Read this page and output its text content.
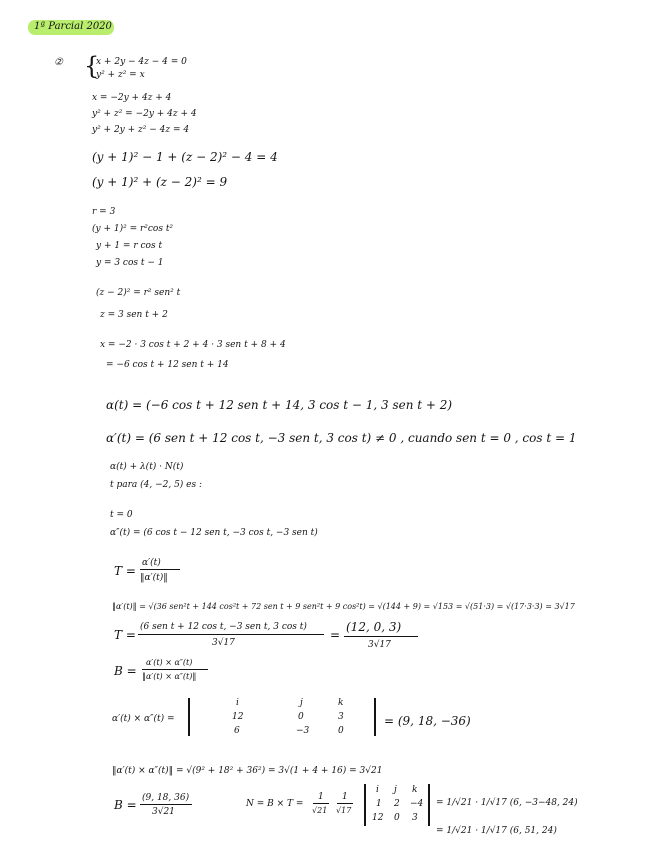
1ª Parcial 2020
② {
x + 2y − 4z − 4 = 0
y² + z² = x
x = −2y + 4z + 4
y² + z² = −2y + 4z + 4
y² + 2y + z² − 4z = 4
(y + 1)² − 1 + (z − 2)² − 4 = 4
(y + 1)² + (z − 2)² = 9
r = 3
(y + 1)² = r²cos t²
y + 1 = r cos t
y = 3 cos t − 1
(z − 2)² = r² sen² t
z = 3 sen t + 2
x = −2 · 3 cos t + 2 + 4 · 3 sen t + 8 + 4
= −6 cos t + 12 sen t + 14
α(t) = (−6 cos t + 12 sen t + 14, 3 cos t − 1, 3 sen t + 2)
α′(t) = (6 sen t + 12 cos t, −3 sen t, 3 cos t) ≠ 0 , cuando sen t = 0 , cos t = 1
α(t) + λ(t) · N(t)
t para (4, −2, 5) es :
t = 0
α″(t) = (6 cos t − 12 sen t, −3 cos t, −3 sen t)
T =
α′(t)
‖α′(t)‖
‖α′(t)‖ = √(36 sen²t + 144 cos²t + 72 sen t + 9 sen²t + 9 cos²t) = √(144 + 9) = √153 = √(51·3) = √(17·3·3) = 3√17
T =
(6 sen t + 12 cos t, −3 sen t, 3 cos t)
3√17
=
(12, 0, 3)
3√17
B =
α′(t) × α″(t)
‖α′(t) × α″(t)‖
α′(t) × α″(t) =
i	j	k
12	0	3
6	−3	0
= (9, 18, −36)
‖α′(t) × α″(t)‖ = √(9² + 18² + 36²) = 3√(1 + 4 + 16) = 3√21
B = (9, 18, 36)
3√21
N = B × T =
1
√21
1
√17
i j k
1 2 −4
12 0 3
= 1/√21 · 1/√17 (6, −3−48, 24)
= 1/√21 · 1/√17 (6, 51, 24)
